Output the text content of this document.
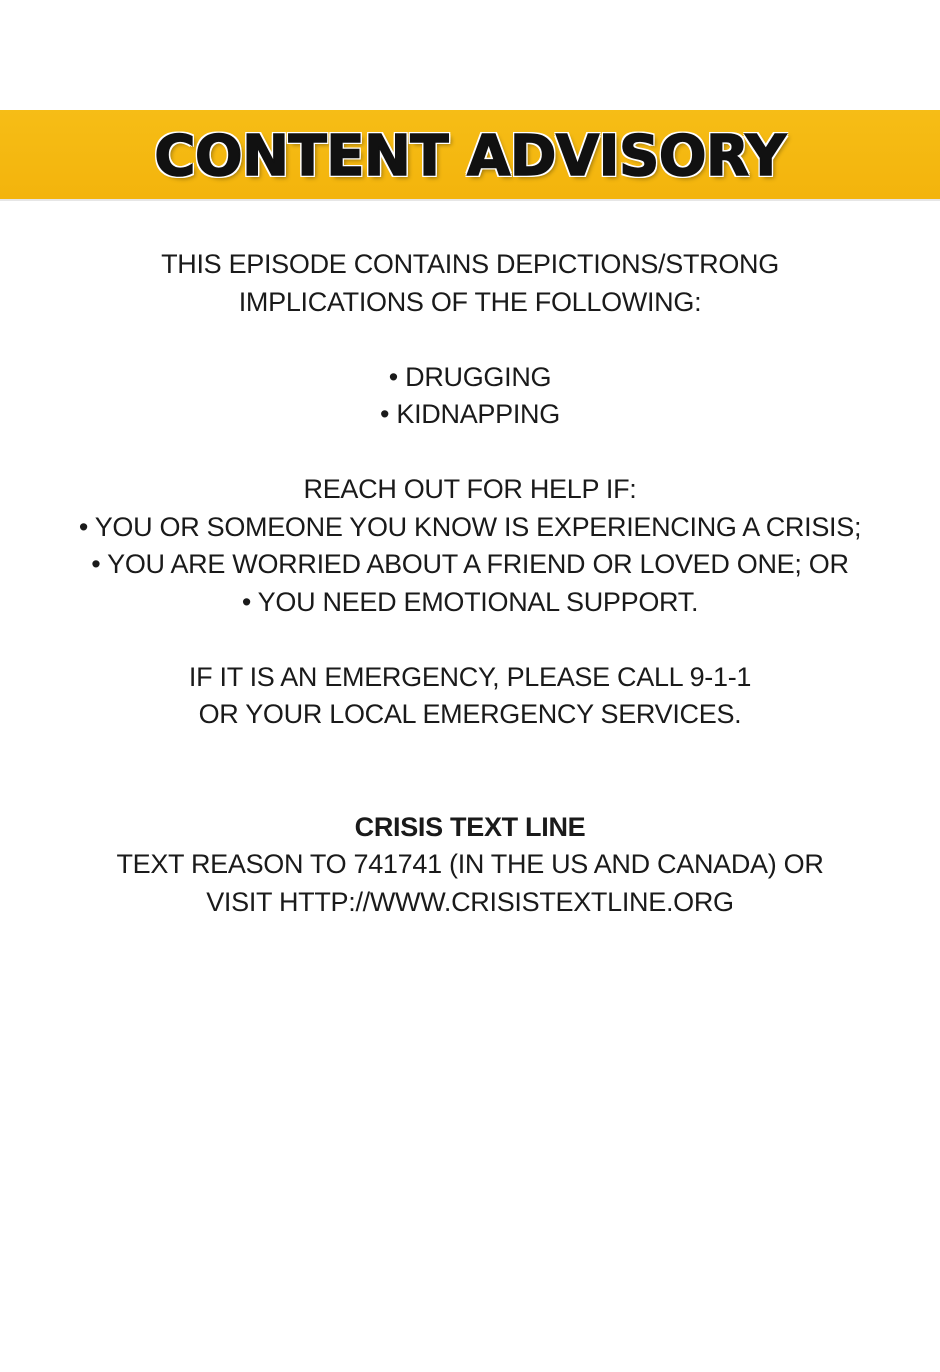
CONTENT ADVISORY
THIS EPISODE CONTAINS DEPICTIONS/STRONG
IMPLICATIONS OF THE FOLLOWING:
• DRUGGING
• KIDNAPPING
REACH OUT FOR HELP IF:
• YOU OR SOMEONE YOU KNOW IS EXPERIENCING A CRISIS;
• YOU ARE WORRIED ABOUT A FRIEND OR LOVED ONE; OR
• YOU NEED EMOTIONAL SUPPORT.
IF IT IS AN EMERGENCY, PLEASE CALL 9-1-1
OR YOUR LOCAL EMERGENCY SERVICES.
CRISIS TEXT LINE
TEXT REASON TO 741741 (IN THE US AND CANADA) OR
VISIT HTTP://WWW.CRISISTEXTLINE.ORG
